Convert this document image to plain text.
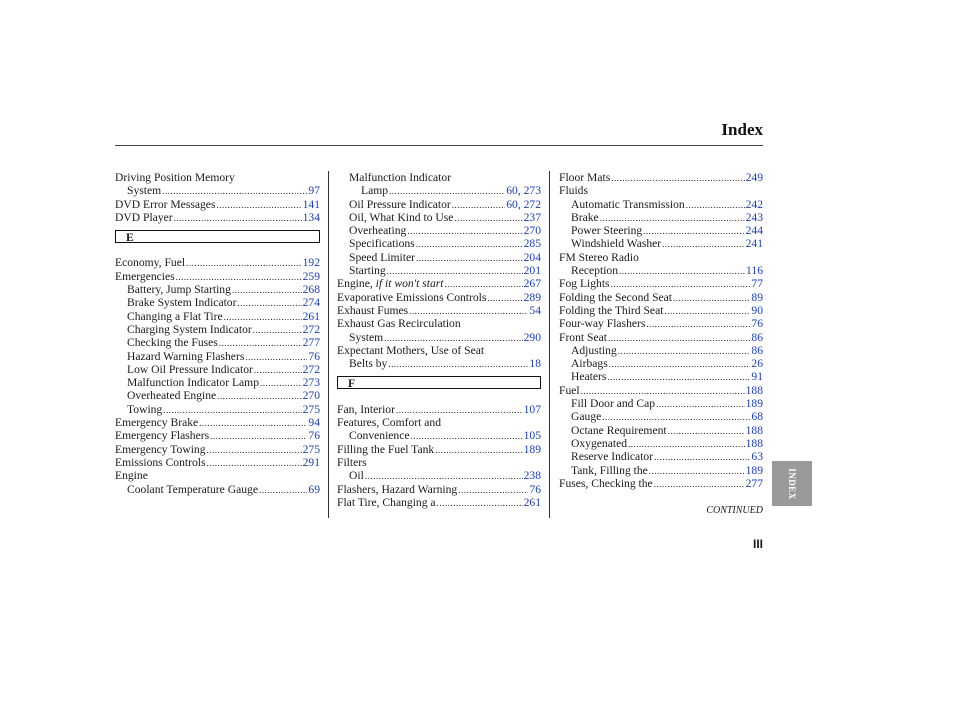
Index
Driving Position Memory
System .....	97
DVD Error Messages .....	141
DVD Player .....	134
E
Economy, Fuel .....	192
Emergencies .....	259
Battery, Jump Starting .....	268
Brake System Indicator .....	274
Changing a Flat Tire .....	261
Charging System Indicator .....	272
Checking the Fuses .....	277
Hazard Warning Flashers .....	76
Low Oil Pressure Indicator .....	272
Malfunction Indicator Lamp .....	273
Overheated Engine .....	270
Towing .....	275
Emergency Brake .....	94
Emergency Flashers .....	76
Emergency Towing .....	275
Emissions Controls .....	291
Engine
Coolant Temperature Gauge .....	69
Malfunction Indicator
Lamp .....	60, 273
Oil Pressure Indicator .....	60, 272
Oil, What Kind to Use .....	237
Overheating .....	270
Specifications .....	285
Speed Limiter .....	204
Starting .....	201
Engine, if it won't start .....	267
Evaporative Emissions Controls .....	289
Exhaust Fumes .....	54
Exhaust Gas Recirculation
System .....	290
Expectant Mothers, Use of Seat
Belts by .....	18
F
Fan, Interior .....	107
Features, Comfort and
Convenience .....	105
Filling the Fuel Tank .....	189
Filters
Oil .....	238
Flashers, Hazard Warning .....	76
Flat Tire, Changing a .....	261
Floor Mats .....	249
Fluids
Automatic Transmission .....	242
Brake .....	243
Power Steering .....	244
Windshield Washer .....	241
FM Stereo Radio
Reception .....	116
Fog Lights .....	77
Folding the Second Seat .....	89
Folding the Third Seat .....	90
Four-way Flashers .....	76
Front Seat .....	86
Adjusting .....	86
Airbags .....	26
Heaters .....	91
Fuel .....	188
Fill Door and Cap .....	189
Gauge .....	68
Octane Requirement .....	188
Oxygenated .....	188
Reserve Indicator .....	63
Tank, Filling the .....	189
Fuses, Checking the .....	277
CONTINUED
III
INDEX
